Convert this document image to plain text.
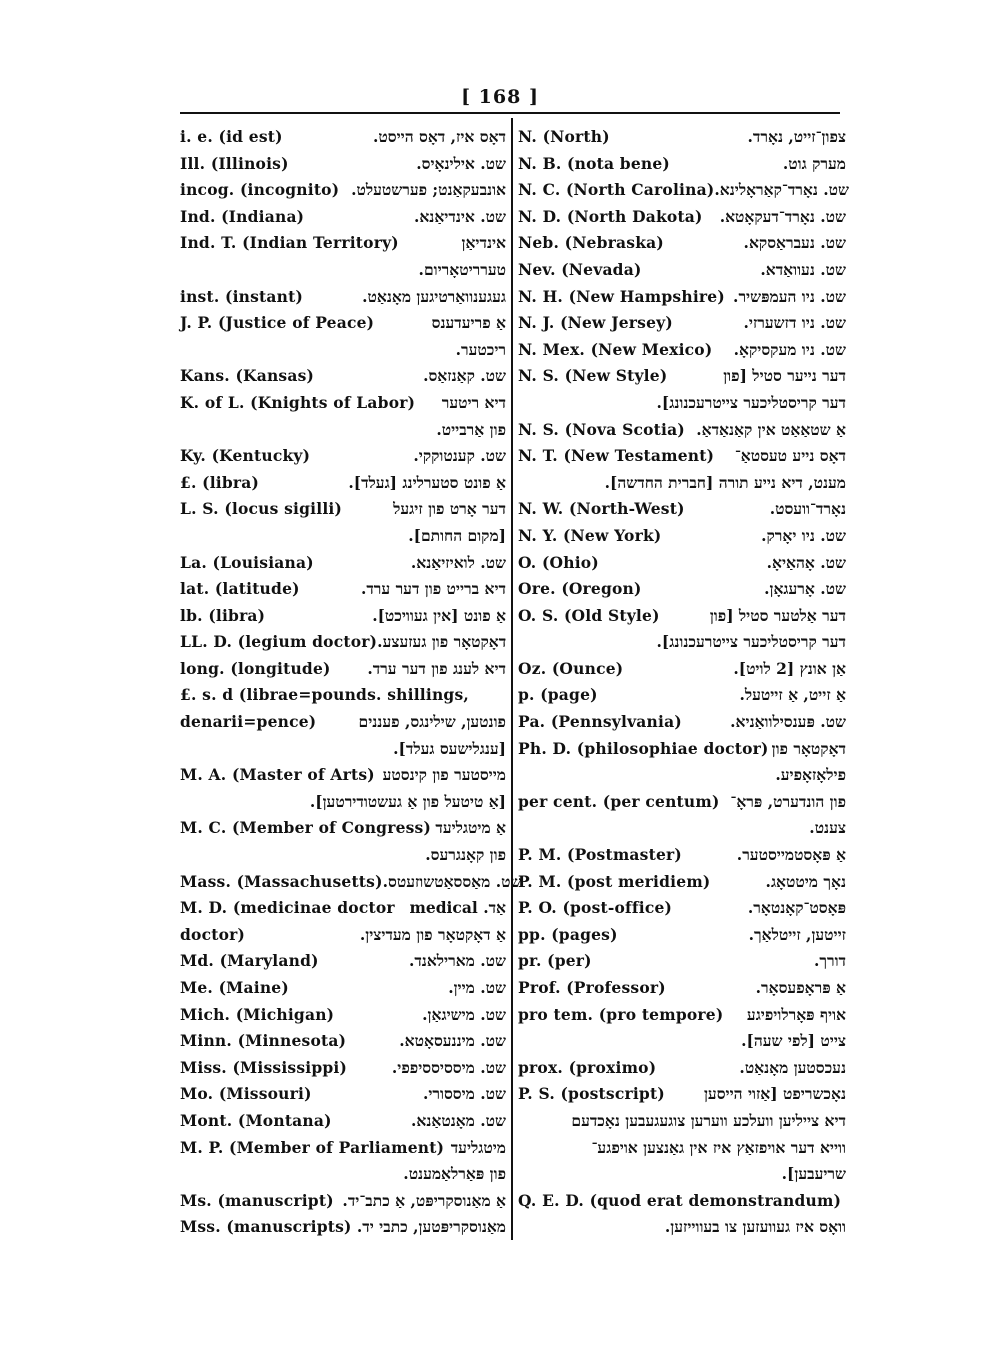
[ 168 ]
i. e. (id est)	דאָס איז, דאָס הייסט.
Ill. (Illinois)	שט. אילינאָיס.
incog. (incognito) אונבעקאַנט; פערשטעלט.
Ind. (Indiana)	שט. אינדיאַנא.
Ind. T. (Indian Territory)	אינדיאַן
טערריטאָריום.
inst. (instant)	געגענוואַרטיגען מאָנאַט.
J. P. (Justice of Peace)	אַ פריעדענס
ריכטער.
Kans. (Kansas)	שט. קאַנזאַס.
K. of L. (Knights of Labor) דיא ריטער
פון אַרבייט.
Ky. (Kentucky)	שט. קענטוקקי.
£. (libra)	אַ פונט סטערלינג [געלד].
L. S. (locus sigilli)	דער אָרט פון זיגעל
[מקום החותם].
La. (Louisiana)	שט. לואיזיאַנא.
lat. (latitude)	דיא ברייט פון דער ערד.
lb. (libra)	אַ פונט [אין געוויכט].
LL. D. (legium doctor) דאָקטאָר פון געזעצע.
long. (longitude) דיא לענג פון דער ערד.
£. s. d (librae=pounds. shillings,
denarii=pence)	פונטען, שילינגס, פעננים
[ענגלישעס געלד].
M. A. (Master of Arts) מייסטער פון קינסטע
[אַ טיטעל פון אַ געשטודירטען].
M. C. (Member of Congress) אַ מיטגליעד
פון קאָנגרעס.
Mass. (Massachusetts) שט. מאַססאַטשוזעטס.
M. D. (medicinae doctor אַד. medical
doctor)	אַ דאָקטאָר פון מעדיצין.
Md. (Maryland)	שט. מארילאנד.
Me. (Maine)	שט. מיין.
Mich. (Michigan)	שט. מישיגאַן.
Minn. (Minnesota)	שט. מיננעסאָטא.
Miss. (Mississippi)	שט. מיססיססיפפי.
Mo. (Missouri)	שט. מיססורי.
Mont. (Montana)	שט. מאָנטאַנא.
M. P. (Member of Parliament) מיטגליעד
פון פּאַרלאַמענט.
Ms. (manuscript) אַ מאַנוסקריפּט, אַ כתב־יד.
Mss. (manuscripts) מאַנוסקריפּטען, כתבי יד.
N. (North)	צפון־זייט, נאָרד.
N. B. (nota bene)	מערק גוט.
N. C. (North Carolina) שט. נאָרד־קאַראָלינא.
N. D. (North Dakota) שט. נאָרד־דעקאָטא.
Neb. (Nebraska)	שט. נעבראַסקא.
Nev. (Nevada)	שט. נעוואַדא.
N. H. (New Hampshire) שט. ניו העמפּשיר.
N. J. (New Jersey)	שט. ניו דזשערזי.
N. Mex. (New Mexico) שט. ניו מעקסיקאָ.
N. S. (New Style)	דער נייער סטיל [פון
דער קריסטליכער צייטרעכנונג].
N. S. (Nova Scotia) אַ שטאַאַט אין קאַנאַדאַ.
N. T. (New Testament) דאָס נייע טעסטאַ־
מענט, דיא נייע תורה [חברית החדשה].
N. W. (North-West)	נאָרד־וועסט.
N. Y. (New York)	שט. ניו יאָרק.
O. (Ohio)	שט. אָהאַיאָ.
Ore. (Oregon)	שט. אָרעגאָן.
O. S. (Old Style)	דער אַלטער סטיל [פון
דער קריסטליכער צייטרעכנונג].
Oz. (Ounce)	אַן אונץ [2 לויט].
p. (page)	אַ זייט, אַ זייטעל.
Pa. (Pennsylvania)	שט. פּענסילוואַניא.
Ph. D. (philosophiae doctor) דאָקטאָר פון
פילאָזאָפיע.
per cent. (per centum) פון הונדערט, פּראָ־
צענט.
P. M. (Postmaster)	אַ פּאָסטמייסטער.
P. M. (post meridiem)	נאָך מיטטאָג.
P. O. (post-office)	פּאָסט־קאָנטאָר.
pp. (pages)	זייטען, זייטלאַך.
pr. (per)	דורך.
Prof. (Professor)	אַ פּראָפעסאָר.
pro tem. (pro tempore) אויף פּאָרלויפיגע
צייט [לפי שעה].
prox. (proximo)	נעכסטען מאָנאַט.
P. S. (postscript)	נאָכשריפט [אַזוי הייסען
דיא צייליען וועלכע ווערען צוגעגעבען נאָכדעם
ווייא דער אויפזאַץ איז אין גאַנצען אויפגע־
שריעבען].
Q. E. D. (quod erat demonstrandum)
וואָס איז געוועזען צו בעווייזען.
